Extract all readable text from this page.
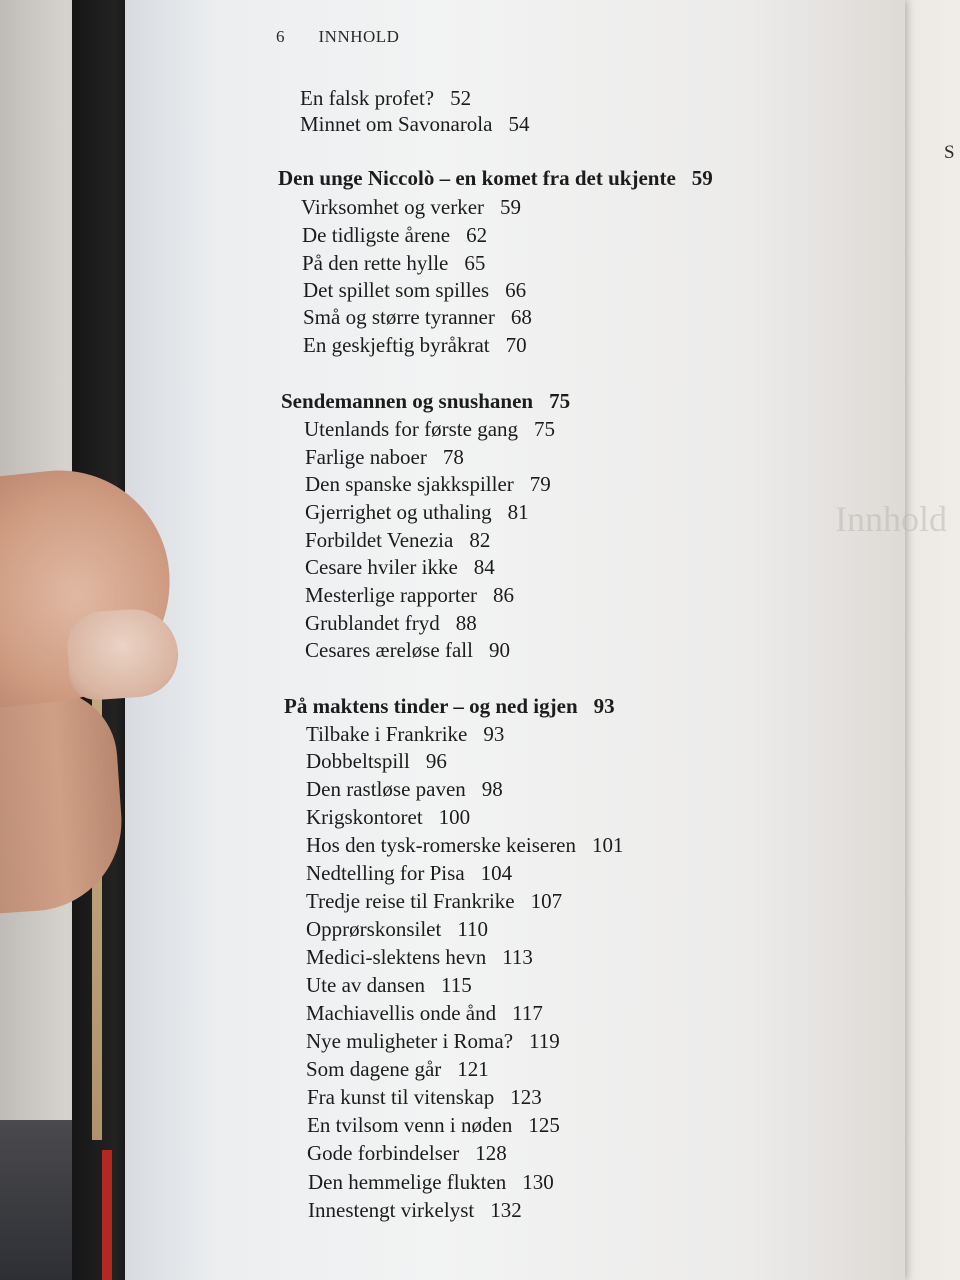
S
Innhold
6 INNHOLD
En falsk profet? 52
Minnet om Savonarola 54
Den unge Niccolò – en komet fra det ukjente 59
Virksomhet og verker 59
De tidligste årene 62
På den rette hylle 65
Det spillet som spilles 66
Små og større tyranner 68
En geskjeftig byråkrat 70
Sendemannen og snushanen 75
Utenlands for første gang 75
Farlige naboer 78
Den spanske sjakkspiller 79
Gjerrighet og uthaling 81
Forbildet Venezia 82
Cesare hviler ikke 84
Mesterlige rapporter 86
Grublandet fryd 88
Cesares æreløse fall 90
På maktens tinder – og ned igjen 93
Tilbake i Frankrike 93
Dobbeltspill 96
Den rastløse paven 98
Krigskontoret 100
Hos den tysk-romerske keiseren 101
Nedtelling for Pisa 104
Tredje reise til Frankrike 107
Opprørskonsilet 110
Medici-slektens hevn 113
Ute av dansen 115
Machiavellis onde ånd 117
Nye muligheter i Roma? 119
Som dagene går 121
Fra kunst til vitenskap 123
En tvilsom venn i nøden 125
Gode forbindelser 128
Den hemmelige flukten 130
Innestengt virkelyst 132
